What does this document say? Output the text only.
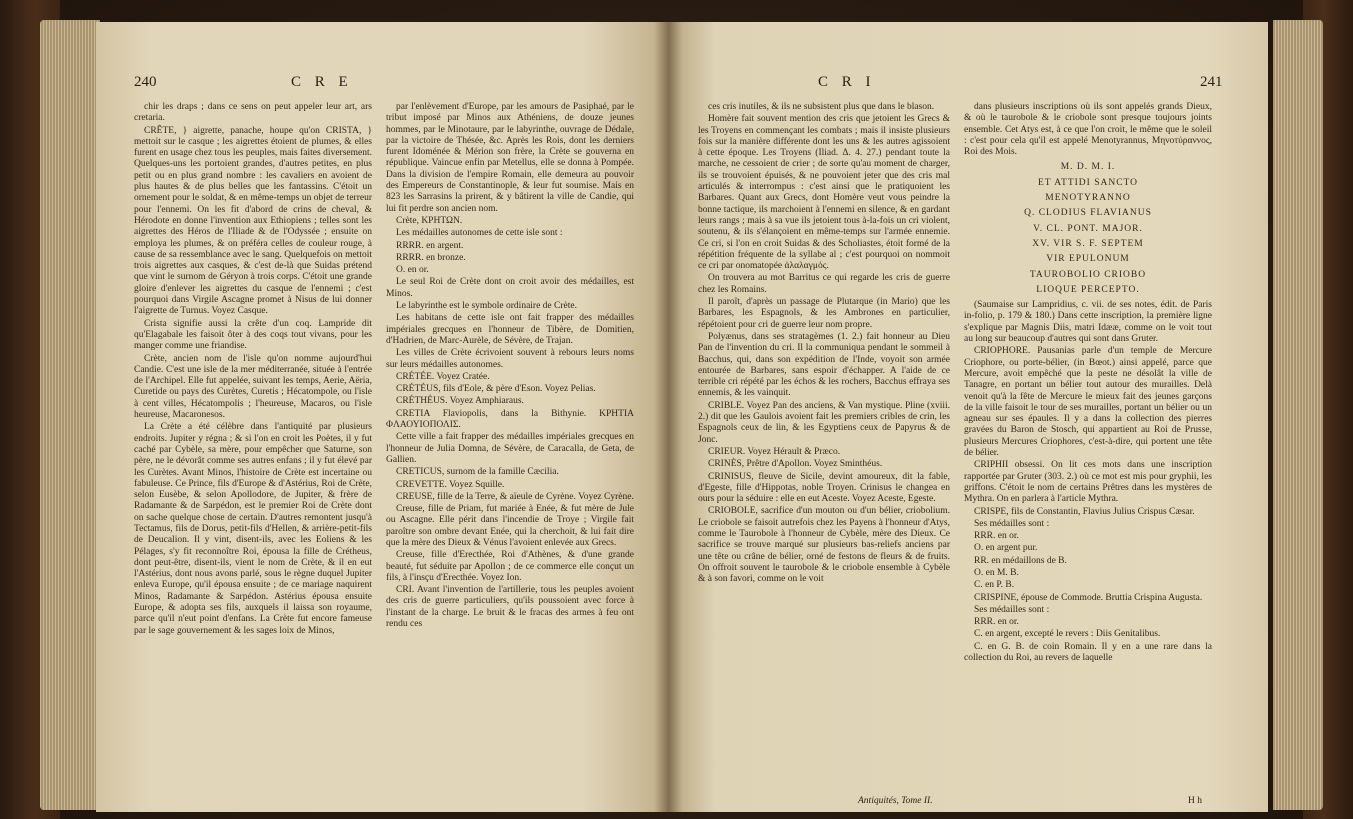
240	C R E

chir les draps ; dans ce sens on peut appeler leur art, ars cretaria.

CRÊTE, } aigrette, panache, houpe qu'on CRISTA, } mettoit sur le casque ; les aigrettes étoient de plumes, & elles furent en usage chez tous les peuples, mais faites diversement. Quelques-uns les portoient grandes, d'autres petites, en plus petit ou en plus grand nombre : les cavaliers en avoient de plus hautes & de plus belles que les fantassins. C'étoit un ornement pour le soldat, & en même-temps un objet de terreur pour l'ennemi. On les fit d'abord de crins de cheval, & Hérodote en donne l'invention aux Ethiopiens ; telles sont les aigrettes des Héros de l'Iliade & de l'Odyssée ; ensuite on employa les plumes, & on préféra celles de couleur rouge, à cause de sa ressemblance avec le sang. Quelquefois on mettoit trois aigrettes aux casques, & c'est de-là que Suidas prétend que vint le surnom de Géryon à trois corps. C'étoit une grande gloire d'enlever les aigrettes du casque de l'ennemi ; c'est pourquoi dans Virgile Ascagne promet à Nisus de lui donner l'aigrette de Turnus. Voyez Casque.

Crista signifie aussi la crête d'un coq. Lampride dit qu'Elagabale les faisoit ôter à des coqs tout vivans, pour les manger comme une friandise.

Crète, ancien nom de l'isle qu'on nomme aujourd'hui Candie. C'est une isle de la mer méditerranée, située à l'entrée de l'Archipel. Elle fut appelée, suivant les temps, Aerie, Aëria, Curetide ou pays des Curètes, Curetis ; Hécatompole, ou l'isle à cent villes, Hécatompolis ; l'heureuse, Macaros, ou l'isle heureuse, Macaronesos.

La Crète a été célèbre dans l'antiquité par plusieurs endroits. Jupiter y régna ; & si l'on en croit les Poètes, il y fut caché par Cybèle, sa mère, pour empêcher que Saturne, son père, ne le dévorât comme ses autres enfans ; il y fut élevé par les Curètes. Avant Minos, l'histoire de Crète est incertaine ou fabuleuse. Ce Prince, fils d'Europe & d'Astérius, Roi de Crète, selon Eusèbe, & selon Apollodore, de Jupiter, & frère de Radamante & de Sarpédon, est le premier Roi de Crète dont on sache quelque chose de certain. D'autres remontent jusqu'à Tectamus, fils de Dorus, petit-fils d'Hellen, & arrière-petit-fils de Deucalion. Il y vint, disent-ils, avec les Eoliens & les Pélages, s'y fit reconnoître Roi, épousa la fille de Crétheus, dont peut-être, disent-ils, vient le nom de Crète, & il en eut l'Astérius, dont nous avons parlé, sous le règne duquel Jupiter enleva Europe, qu'il épousa ensuite ; de ce mariage naquirent Minos, Radamante & Sarpédon. Astérius épousa ensuite Europe, & adopta ses fils, auxquels il laissa son royaume, parce qu'il n'eut point d'enfans. La Crète fut encore fameuse par le sage gouvernement & les sages loix de Minos,

par l'enlèvement d'Europe, par les amours de Pasiphaé, par le tribut imposé par Minos aux Athéniens, de douze jeunes hommes, par le Minotaure, par le labyrinthe, ouvrage de Dédale, par la victoire de Thésée, &c. Après les Rois, dont les derniers furent Idoménée & Mérion son frère, la Crète se gouverna en république. Vaincue enfin par Metellus, elle se donna à Pompée. Dans la division de l'empire Romain, elle demeura au pouvoir des Empereurs de Constantinople, & leur fut soumise. Mais en 823 les Sarrasins la prirent, & y bâtirent la ville de Candie, qui lui fit perdre son ancien nom.

Crète, ΚΡΗΤΩΝ.

Les médailles autonomes de cette isle sont :

RRRR. en argent.

RRRR. en bronze.

O. en or.

Le seul Roi de Crète dont on croit avoir des médailles, est Minos.

Le labyrinthe est le symbole ordinaire de Crète.

Les habitans de cette isle ont fait frapper des médailles impériales grecques en l'honneur de Tibère, de Domitien, d'Hadrien, de Marc-Aurèle, de Sévère, de Trajan.

Les villes de Crète écrivoient souvent à rebours leurs noms sur leurs médailles autonomes.

CRÉTÉE. Voyez Cratée.

CRÉTÉUS, fils d'Eole, & père d'Eson. Voyez Pelias.

CRÉTHÉUS. Voyez Amphiaraus.

CRETIA Flaviopolis, dans la Bithynie. ΚΡΗΤΙΑ ΦΛΑΟΥΙΟΠΟΛΙΣ.

Cette ville a fait frapper des médailles impériales grecques en l'honneur de Julia Domna, de Sévère, de Caracalla, de Geta, de Gallien.

CRETICUS, surnom de la famille Cæcilia.

CREVETTE. Voyez Squille.

CREUSE, fille de la Terre, & aïeule de Cyrène. Voyez Cyrène.

Creuse, fille de Priam, fut mariée à Enée, & fut mère de Jule ou Ascagne. Elle périt dans l'incendie de Troye ; Virgile fait paroître son ombre devant Enée, qui la cherchoit, & lui fait dire que la mère des Dieux & Vénus l'avoient enlevée aux Grecs.

Creuse, fille d'Erecthée, Roi d'Athènes, & d'une grande beauté, fut séduite par Apollon ; de ce commerce elle conçut un fils, à l'insçu d'Erecthée. Voyez Ion.

CRI. Avant l'invention de l'artillerie, tous les peuples avoient des cris de guerre particuliers, qu'ils poussoient avec force à l'instant de la charge. Le bruit & le fracas des armes à feu ont rendu ces

C R I	241

ces cris inutiles, & ils ne subsistent plus que dans le blason.

Homère fait souvent mention des cris que jetoient les Grecs & les Troyens en commençant les combats ; mais il insiste plusieurs fois sur la manière différente dont les uns & les autres agissoient à cette époque. Les Troyens (Iliad. Δ. 4. 27.) pendant toute la marche, ne cessoient de crier ; de sorte qu'au moment de charger, ils se trouvoient épuisés, & ne pouvoient jeter que des cris mal articulés & interrompus : c'est ainsi que le pratiquoient les Barbares. Quant aux Grecs, dont Homère veut vous peindre la bonne tactique, ils marchoient à l'ennemi en silence, & en gardant leurs rangs ; mais à sa vue ils jetoient tous à-la-fois un cri violent, soutenu, & ils s'élançoient en même-temps sur l'armée ennemie. Ce cri, si l'on en croit Suidas & des Scholiastes, étoit formé de la répétition fréquente de la syllabe al ; c'est pourquoi on nommoit ce cri par onomatopée ἀλαλαγμός.

On trouvera au mot Barritus ce qui regarde les cris de guerre chez les Romains.

Il paroît, d'après un passage de Plutarque (in Mario) que les Barbares, les Espagnols, & les Ambrones en particulier, répétoient pour cri de guerre leur nom propre.

Polyænus, dans ses stratagèmes (1. 2.) fait honneur au Dieu Pan de l'invention du cri. Il la communiqua pendant le sommeil à Bacchus, qui, dans son expédition de l'Inde, voyoit son armée entourée de Barbares, sans espoir d'échapper. A l'aide de ce terrible cri répété par les échos & les rochers, Bacchus effraya ses ennemis, & les vainquit.

CRIBLE. Voyez Pan des anciens, & Van mystique. Pline (xviii. 2.) dit que les Gaulois avoient fait les premiers cribles de crin, les Espagnols ceux de lin, & les Egyptiens ceux de Papyrus & de Jonc.

CRIEUR. Voyez Hérault & Præco.

CRINÈS, Prêtre d'Apollon. Voyez Sminthéus.

CRINISUS, fleuve de Sicile, devint amoureux, dit la fable, d'Egeste, fille d'Hippotas, noble Troyen. Crinisus le changea en ours pour la séduire : elle en eut Aceste. Voyez Aceste, Egeste.

CRIOBOLE, sacrifice d'un mouton ou d'un bélier, criobolium. Le criobole se faisoit autrefois chez les Payens à l'honneur d'Atys, comme le Taurobole à l'honneur de Cybèle, mère des Dieux. Ce sacrifice se trouve marqué sur plusieurs bas-reliefs anciens par une tête ou crâne de bélier, orné de festons de fleurs & de fruits. On offroit souvent le taurobole & le criobole ensemble à Cybèle & à son favori, comme on le voit

dans plusieurs inscriptions où ils sont appelés grands Dieux, & où le taurobole & le criobole sont presque toujours joints ensemble. Cet Atys est, à ce que l'on croit, le même que le soleil : c'est pour cela qu'il est appelé Menotyrannus, Μηνοτύραννος, Roi des Mois.

M. D. M. I.

ET ATTIDI SANCTO

MENOTYRANNO

Q. CLODIUS FLAVIANUS

V. CL. PONT. MAJOR.

XV. VIR S. F. SEPTEM

VIR EPULONUM

TAUROBOLIO CRIOBO

LIOQUE PERCEPTO.

(Saumaise sur Lampridius, c. vii. de ses notes, édit. de Paris in-folio, p. 179 & 180.) Dans cette inscription, la première ligne s'explique par Magnis Diis, matri Idææ, comme on le voit tout au long sur beaucoup d'autres qui sont dans Gruter.

CRIOPHORE. Pausanias parle d'un temple de Mercure Criophore, ou porte-bélier, (in Bœot.) ainsi appelé, parce que Mercure, avoit empêché que la peste ne désolât la ville de Tanagre, en portant un bélier tout autour des murailles. Delà venoit qu'à la fête de Mercure le mieux fait des jeunes garçons de la ville faisoit le tour de ses murailles, portant un bélier ou un agneau sur ses épaules. Il y a dans la collection des pierres gravées du Baron de Stosch, qui appartient au Roi de Prusse, plusieurs Mercures Criophores, c'est-à-dire, qui portent une tête de bélier.

CRIPHII obsessi. On lit ces mots dans une inscription rapportée par Gruter (303. 2.) où ce mot est mis pour gryphii, les griffons. C'étoit le nom de certains Prêtres dans les mystères de Mythra. On en parlera à l'article Mythra.

CRISPE, fils de Constantin, Flavius Julius Crispus Cæsar.

Ses médailles sont :

RRR. en or.

O. en argent pur.

RR. en médaillons de B.

O. en M. B.

C. en P. B.

CRISPINE, épouse de Commode. Bruttia Crispina Augusta.

Ses médailles sont :

RRR. en or.

C. en argent, excepté le revers : Diis Genitalibus.

C. en G. B. de coin Romain. Il y en a une rare dans la collection du Roi, au revers de laquelle

Antiquités, Tome II.	H h
